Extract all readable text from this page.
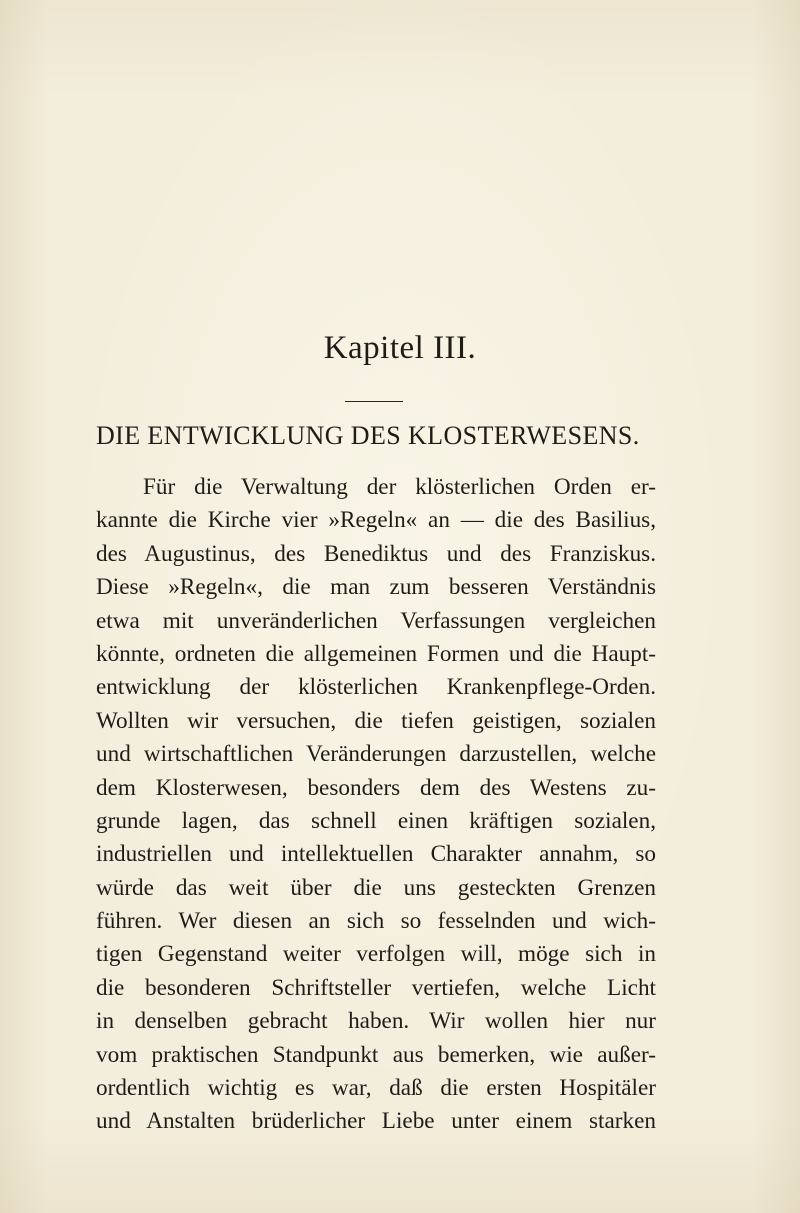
Kapitel III.
DIE ENTWICKLUNG DES KLOSTERWESENS.
Für die Verwaltung der klösterlichen Orden er-
kannte die Kirche vier »Regeln« an — die des Basilius,
des Augustinus, des Benediktus und des Franziskus.
Diese »Regeln«, die man zum besseren Verständnis
etwa mit unveränderlichen Verfassungen vergleichen
könnte, ordneten die allgemeinen Formen und die Haupt-
entwicklung der klösterlichen Krankenpflege-Orden.
Wollten wir versuchen, die tiefen geistigen, sozialen
und wirtschaftlichen Veränderungen darzustellen, welche
dem Klosterwesen, besonders dem des Westens zu-
grunde lagen, das schnell einen kräftigen sozialen,
industriellen und intellektuellen Charakter annahm, so
würde das weit über die uns gesteckten Grenzen
führen. Wer diesen an sich so fesselnden und wich-
tigen Gegenstand weiter verfolgen will, möge sich in
die besonderen Schriftsteller vertiefen, welche Licht
in denselben gebracht haben. Wir wollen hier nur
vom praktischen Standpunkt aus bemerken, wie außer-
ordentlich wichtig es war, daß die ersten Hospitäler
und Anstalten brüderlicher Liebe unter einem starken
